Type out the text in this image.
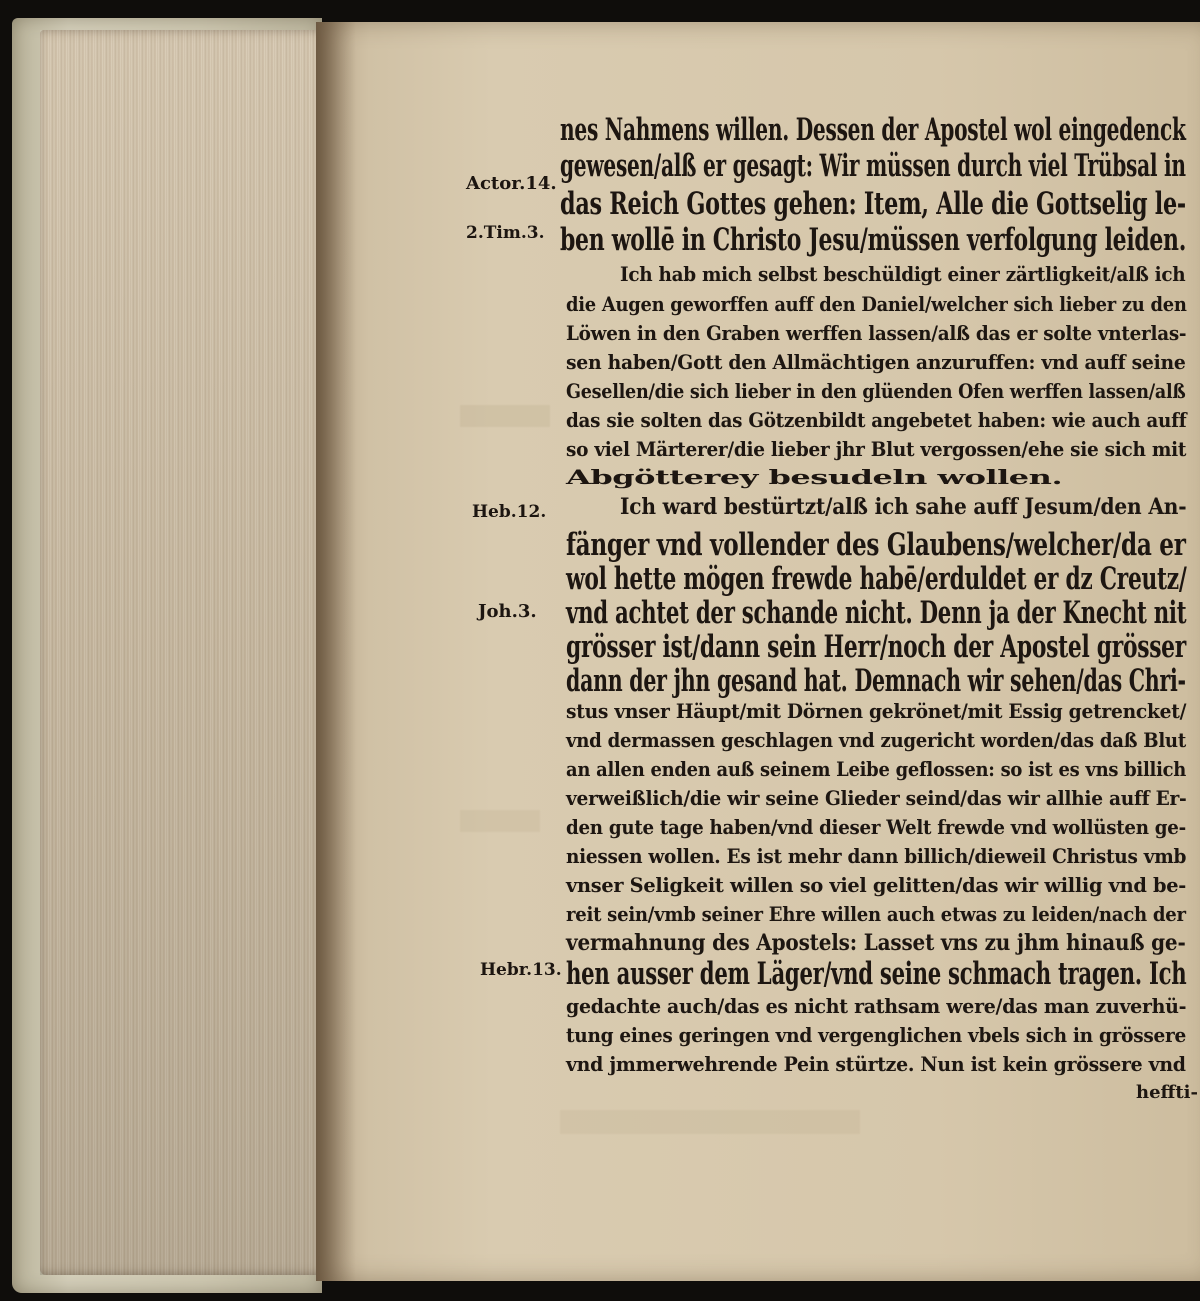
Actor.14.
2.Tim.3.
Heb.12.
Joh.3.
Hebr.13.
nes Nahmens willen. Dessen der Apostel wol eingedenck
gewesen/alß er gesagt: Wir müssen durch viel Trübsal in
das Reich Gottes gehen: Item, Alle die Gottselig le-
ben wollē in Christo Jesu/müssen verfolgung leiden.
Ich hab mich selbst beschüldigt einer zärtligkeit/alß ich
die Augen geworffen auff den Daniel/welcher sich lieber zu den
Löwen in den Graben werffen lassen/alß das er solte vnterlas-
sen haben/Gott den Allmächtigen anzuruffen: vnd auff seine
Gesellen/die sich lieber in den glüenden Ofen werffen lassen/alß
das sie solten das Götzenbildt angebetet haben: wie auch auff
so viel Märterer/die lieber jhr Blut vergossen/ehe sie sich mit
Abgötterey besudeln wollen.
Ich ward bestürtzt/alß ich sahe auff Jesum/den An-
fänger vnd vollender des Glaubens/welcher/da er
wol hette mögen frewde habē/erduldet er dz Creutz/
vnd achtet der schande nicht. Denn ja der Knecht nit
grösser ist/dann sein Herr/noch der Apostel grösser
dann der jhn gesand hat. Demnach wir sehen/das Chri-
stus vnser Häupt/mit Dörnen gekrönet/mit Essig getrencket/
vnd dermassen geschlagen vnd zugericht worden/das daß Blut
an allen enden auß seinem Leibe geflossen: so ist es vns billich
verweißlich/die wir seine Glieder seind/das wir allhie auff Er-
den gute tage haben/vnd dieser Welt frewde vnd wollüsten ge-
niessen wollen. Es ist mehr dann billich/dieweil Christus vmb
vnser Seligkeit willen so viel gelitten/das wir willig vnd be-
reit sein/vmb seiner Ehre willen auch etwas zu leiden/nach der
vermahnung des Apostels: Lasset vns zu jhm hinauß ge-
hen ausser dem Läger/vnd seine schmach tragen. Ich
gedachte auch/das es nicht rathsam were/das man zuverhü-
tung eines geringen vnd vergenglichen vbels sich in grössere
vnd jmmerwehrende Pein stürtze. Nun ist kein grössere vnd
heffti-
